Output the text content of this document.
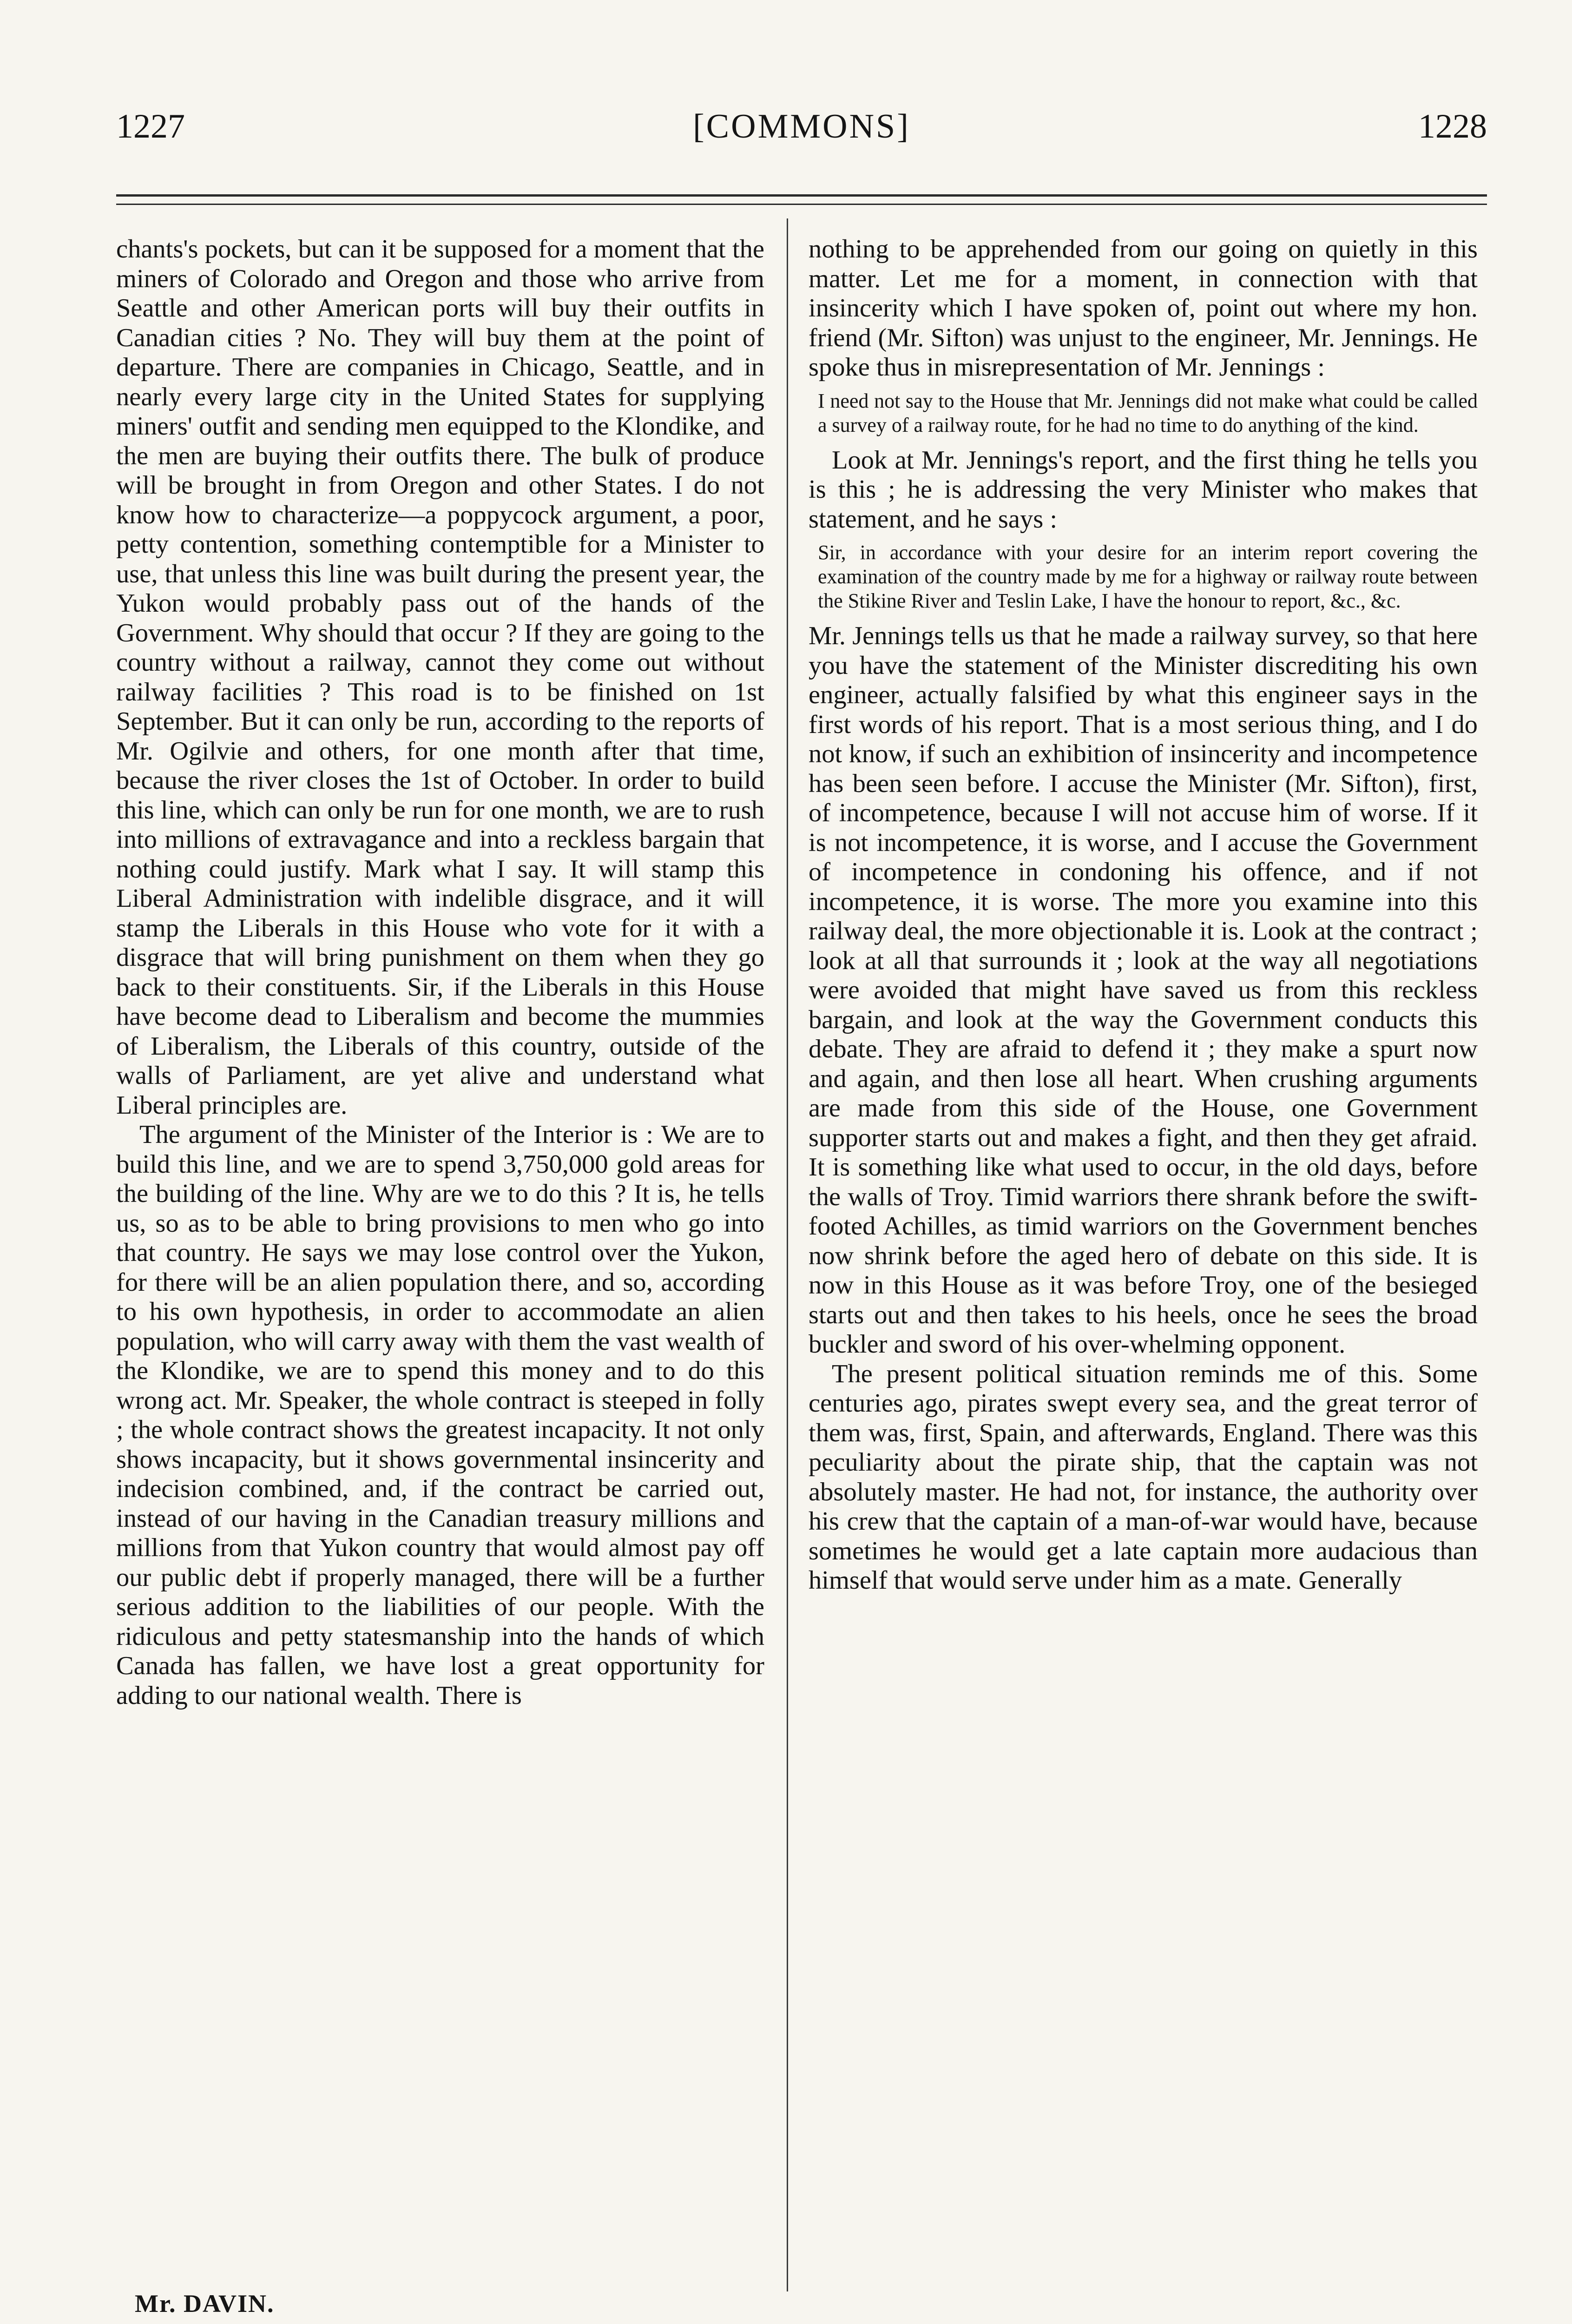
1227	[COMMONS]	1228

chants's pockets, but can it be supposed for a moment that the miners of Colorado and Oregon and those who arrive from Seattle and other American ports will buy their outfits in Canadian cities ? No. They will buy them at the point of departure. There are companies in Chicago, Seattle, and in nearly every large city in the United States for supplying miners' outfit and sending men equipped to the Klondike, and the men are buying their outfits there. The bulk of produce will be brought in from Oregon and other States. I do not know how to characterize—a poppycock argument, a poor, petty contention, something contemptible for a Minister to use, that unless this line was built during the present year, the Yukon would probably pass out of the hands of the Government. Why should that occur ? If they are going to the country without a railway, cannot they come out without railway facilities ? This road is to be finished on 1st September. But it can only be run, according to the reports of Mr. Ogilvie and others, for one month after that time, because the river closes the 1st of October. In order to build this line, which can only be run for one month, we are to rush into millions of extravagance and into a reckless bargain that nothing could justify. Mark what I say. It will stamp this Liberal Administration with indelible disgrace, and it will stamp the Liberals in this House who vote for it with a disgrace that will bring punishment on them when they go back to their constituents. Sir, if the Liberals in this House have become dead to Liberalism and become the mummies of Liberalism, the Liberals of this country, outside of the walls of Parliament, are yet alive and understand what Liberal principles are.

The argument of the Minister of the Interior is : We are to build this line, and we are to spend 3,750,000 gold areas for the building of the line. Why are we to do this ? It is, he tells us, so as to be able to bring provisions to men who go into that country. He says we may lose control over the Yukon, for there will be an alien population there, and so, according to his own hypothesis, in order to accommodate an alien population, who will carry away with them the vast wealth of the Klondike, we are to spend this money and to do this wrong act. Mr. Speaker, the whole contract is steeped in folly ; the whole contract shows the greatest incapacity. It not only shows incapacity, but it shows governmental insincerity and indecision combined, and, if the contract be carried out, instead of our having in the Canadian treasury millions and millions from that Yukon country that would almost pay off our public debt if properly managed, there will be a further serious addition to the liabilities of our people. With the ridiculous and petty statesmanship into the hands of which Canada has fallen, we have lost a great opportunity for adding to our national wealth. There is

nothing to be apprehended from our going on quietly in this matter. Let me for a moment, in connection with that insincerity which I have spoken of, point out where my hon. friend (Mr. Sifton) was unjust to the engineer, Mr. Jennings. He spoke thus in misrepresentation of Mr. Jennings :

I need not say to the House that Mr. Jennings did not make what could be called a survey of a railway route, for he had no time to do anything of the kind.

Look at Mr. Jennings's report, and the first thing he tells you is this ; he is addressing the very Minister who makes that statement, and he says :

Sir, in accordance with your desire for an interim report covering the examination of the country made by me for a highway or railway route between the Stikine River and Teslin Lake, I have the honour to report, &c., &c.

Mr. Jennings tells us that he made a railway survey, so that here you have the statement of the Minister discrediting his own engineer, actually falsified by what this engineer says in the first words of his report. That is a most serious thing, and I do not know, if such an exhibition of insincerity and incompetence has been seen before. I accuse the Minister (Mr. Sifton), first, of incompetence, because I will not accuse him of worse. If it is not incompetence, it is worse, and I accuse the Government of incompetence in condoning his offence, and if not incompetence, it is worse. The more you examine into this railway deal, the more objectionable it is. Look at the contract ; look at all that surrounds it ; look at the way all negotiations were avoided that might have saved us from this reckless bargain, and look at the way the Government conducts this debate. They are afraid to defend it ; they make a spurt now and again, and then lose all heart. When crushing arguments are made from this side of the House, one Government supporter starts out and makes a fight, and then they get afraid. It is something like what used to occur, in the old days, before the walls of Troy. Timid warriors there shrank before the swift-footed Achilles, as timid warriors on the Government benches now shrink before the aged hero of debate on this side. It is now in this House as it was before Troy, one of the besieged starts out and then takes to his heels, once he sees the broad buckler and sword of his over-whelming opponent.

The present political situation reminds me of this. Some centuries ago, pirates swept every sea, and the great terror of them was, first, Spain, and afterwards, England. There was this peculiarity about the pirate ship, that the captain was not absolutely master. He had not, for instance, the authority over his crew that the captain of a man-of-war would have, because sometimes he would get a late captain more audacious than himself that would serve under him as a mate. Generally

Mr. DAVIN.
